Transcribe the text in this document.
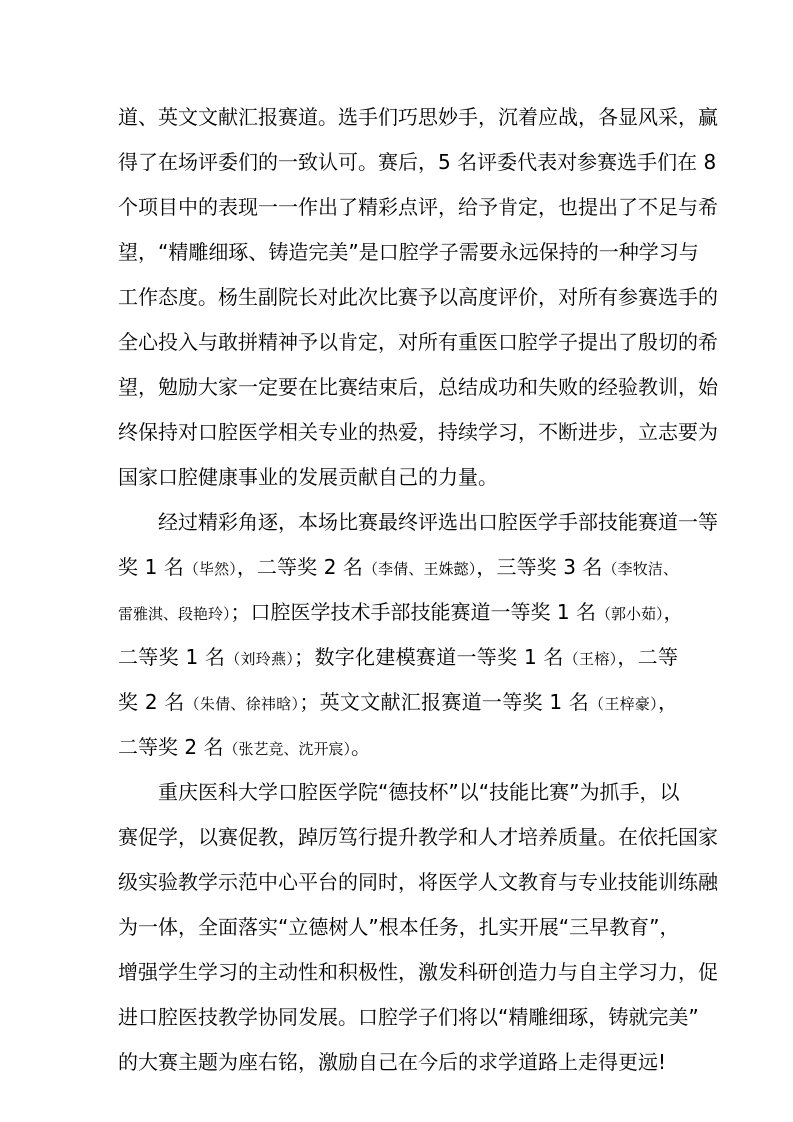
道、英文文献汇报赛道。选手们巧思妙手，沉着应战，各显风采，赢
得了在场评委们的一致认可。赛后，5 名评委代表对参赛选手们在 8
个项目中的表现一一作出了精彩点评，给予肯定，也提出了不足与希
望，“精雕细琢、铸造完美”是口腔学子需要永远保持的一种学习与
工作态度。杨生副院长对此次比赛予以高度评价，对所有参赛选手的
全心投入与敢拼精神予以肯定，对所有重医口腔学子提出了殷切的希
望，勉励大家一定要在比赛结束后，总结成功和失败的经验教训，始
终保持对口腔医学相关专业的热爱，持续学习，不断进步，立志要为
国家口腔健康事业的发展贡献自己的力量。
经过精彩角逐，本场比赛最终评选出口腔医学手部技能赛道一等
奖 1 名（毕然），二等奖 2 名（李倩、王姝懿），三等奖 3 名（李牧洁、
雷雅淇、段艳玲）；口腔医学技术手部技能赛道一等奖 1 名（郭小茹），
二等奖 1 名（刘玲燕）；数字化建模赛道一等奖 1 名（王榕），二等
奖 2 名（朱倩、徐祎晗）；英文文献汇报赛道一等奖 1 名（王梓豪），
二等奖 2 名（张艺竞、沈开宸）。
重庆医科大学口腔医学院“德技杯”以“技能比赛”为抓手，以
赛促学，以赛促教，踔厉笃行提升教学和人才培养质量。在依托国家
级实验教学示范中心平台的同时，将医学人文教育与专业技能训练融
为一体，全面落实“立德树人”根本任务，扎实开展“三早教育”，
增强学生学习的主动性和积极性，激发科研创造力与自主学习力，促
进口腔医技教学协同发展。口腔学子们将以“精雕细琢，铸就完美”
的大赛主题为座右铭，激励自己在今后的求学道路上走得更远!
